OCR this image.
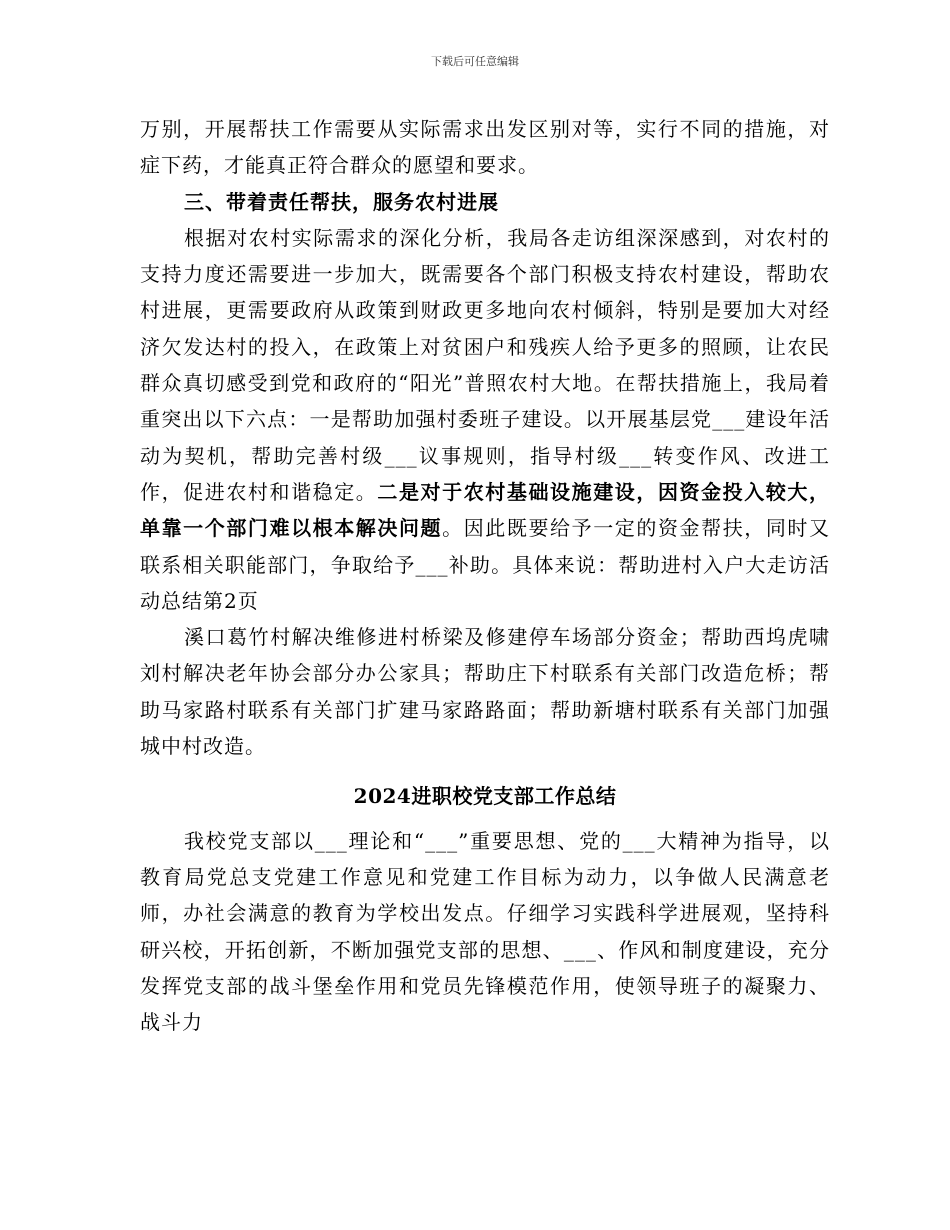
下载后可任意编辑

万别，开展帮扶工作需要从实际需求出发区别对等，实行不同的措施，对症下药，才能真正符合群众的愿望和要求。

三、带着责任帮扶，服务农村进展

根据对农村实际需求的深化分析，我局各走访组深深感到，对农村的支持力度还需要进一步加大，既需要各个部门积极支持农村建设，帮助农村进展，更需要政府从政策到财政更多地向农村倾斜，特别是要加大对经济欠发达村的投入，在政策上对贫困户和残疾人给予更多的照顾，让农民群众真切感受到党和政府的“阳光”普照农村大地。在帮扶措施上，我局着重突出以下六点：一是帮助加强村委班子建设。以开展基层党___建设年活动为契机，帮助完善村级___议事规则，指导村级___转变作风、改进工作，促进农村和谐稳定。二是对于农村基础设施建设，因资金投入较大，单靠一个部门难以根本解决问题。因此既要给予一定的资金帮扶，同时又联系相关职能部门，争取给予___补助。具体来说：帮助进村入户大走访活动总结第2页

溪口葛竹村解决维修进村桥梁及修建停车场部分资金；帮助西坞虎啸刘村解决老年协会部分办公家具；帮助庄下村联系有关部门改造危桥；帮助马家路村联系有关部门扩建马家路路面；帮助新塘村联系有关部门加强城中村改造。

2024进职校党支部工作总结

我校党支部以___理论和“___”重要思想、党的___大精神为指导，以教育局党总支党建工作意见和党建工作目标为动力，以争做人民满意老师，办社会满意的教育为学校出发点。仔细学习实践科学进展观，坚持科研兴校，开拓创新，不断加强党支部的思想、___、作风和制度建设，充分发挥党支部的战斗堡垒作用和党员先锋模范作用，使领导班子的凝聚力、战斗力
